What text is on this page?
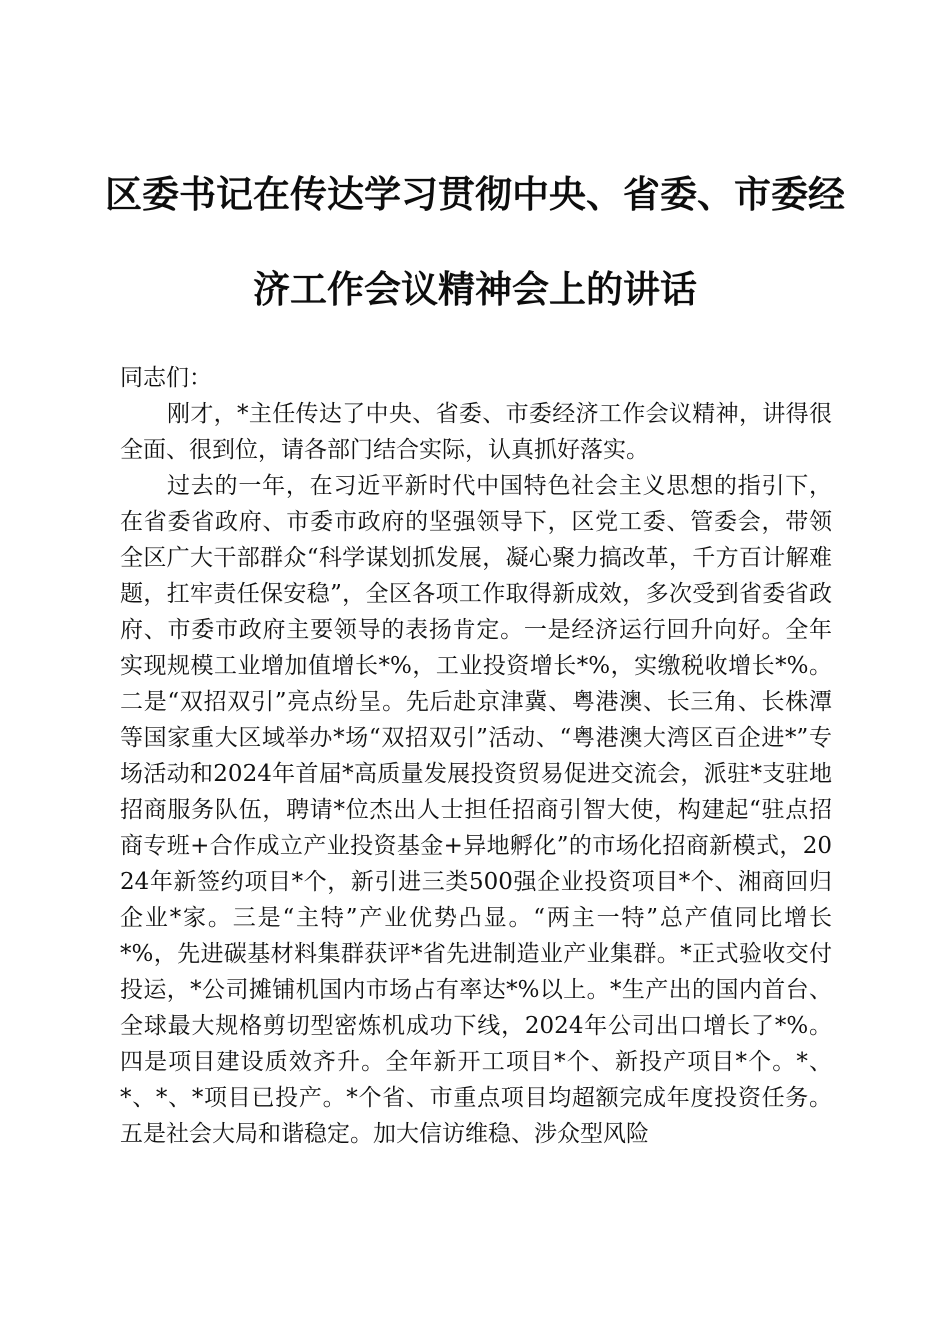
区委书记在传达学习贯彻中央、省委、市委经
济工作会议精神会上的讲话

同志们：

刚才，*主任传达了中央、省委、市委经济工作会议精神，讲得很全面、很到位，请各部门结合实际，认真抓好落实。

过去的一年，在习近平新时代中国特色社会主义思想的指引下，在省委省政府、市委市政府的坚强领导下，区党工委、管委会，带领全区广大干部群众“科学谋划抓发展，凝心聚力搞改革，千方百计解难题，扛牢责任保安稳”，全区各项工作取得新成效，多次受到省委省政府、市委市政府主要领导的表扬肯定。一是经济运行回升向好。全年实现规模工业增加值增长*%，工业投资增长*%，实缴税收增长*%。二是“双招双引”亮点纷呈。先后赴京津冀、粤港澳、长三角、长株潭等国家重大区域举办*场“双招双引”活动、“粤港澳大湾区百企进*”专场活动和2024年首届*高质量发展投资贸易促进交流会，派驻*支驻地招商服务队伍，聘请*位杰出人士担任招商引智大使，构建起“驻点招商专班+合作成立产业投资基金+异地孵化”的市场化招商新模式，2024年新签约项目*个，新引进三类500强企业投资项目*个、湘商回归企业*家。三是“主特”产业优势凸显。“两主一特”总产值同比增长*%，先进碳基材料集群获评*省先进制造业产业集群。*正式验收交付投运，*公司摊铺机国内市场占有率达*%以上。*生产出的国内首台、全球最大规格剪切型密炼机成功下线，2024年公司出口增长了*%。四是项目建设质效齐升。全年新开工项目*个、新投产项目*个。*、*、*、*项目已投产。*个省、市重点项目均超额完成年度投资任务。五是社会大局和谐稳定。加大信访维稳、涉众型风险
